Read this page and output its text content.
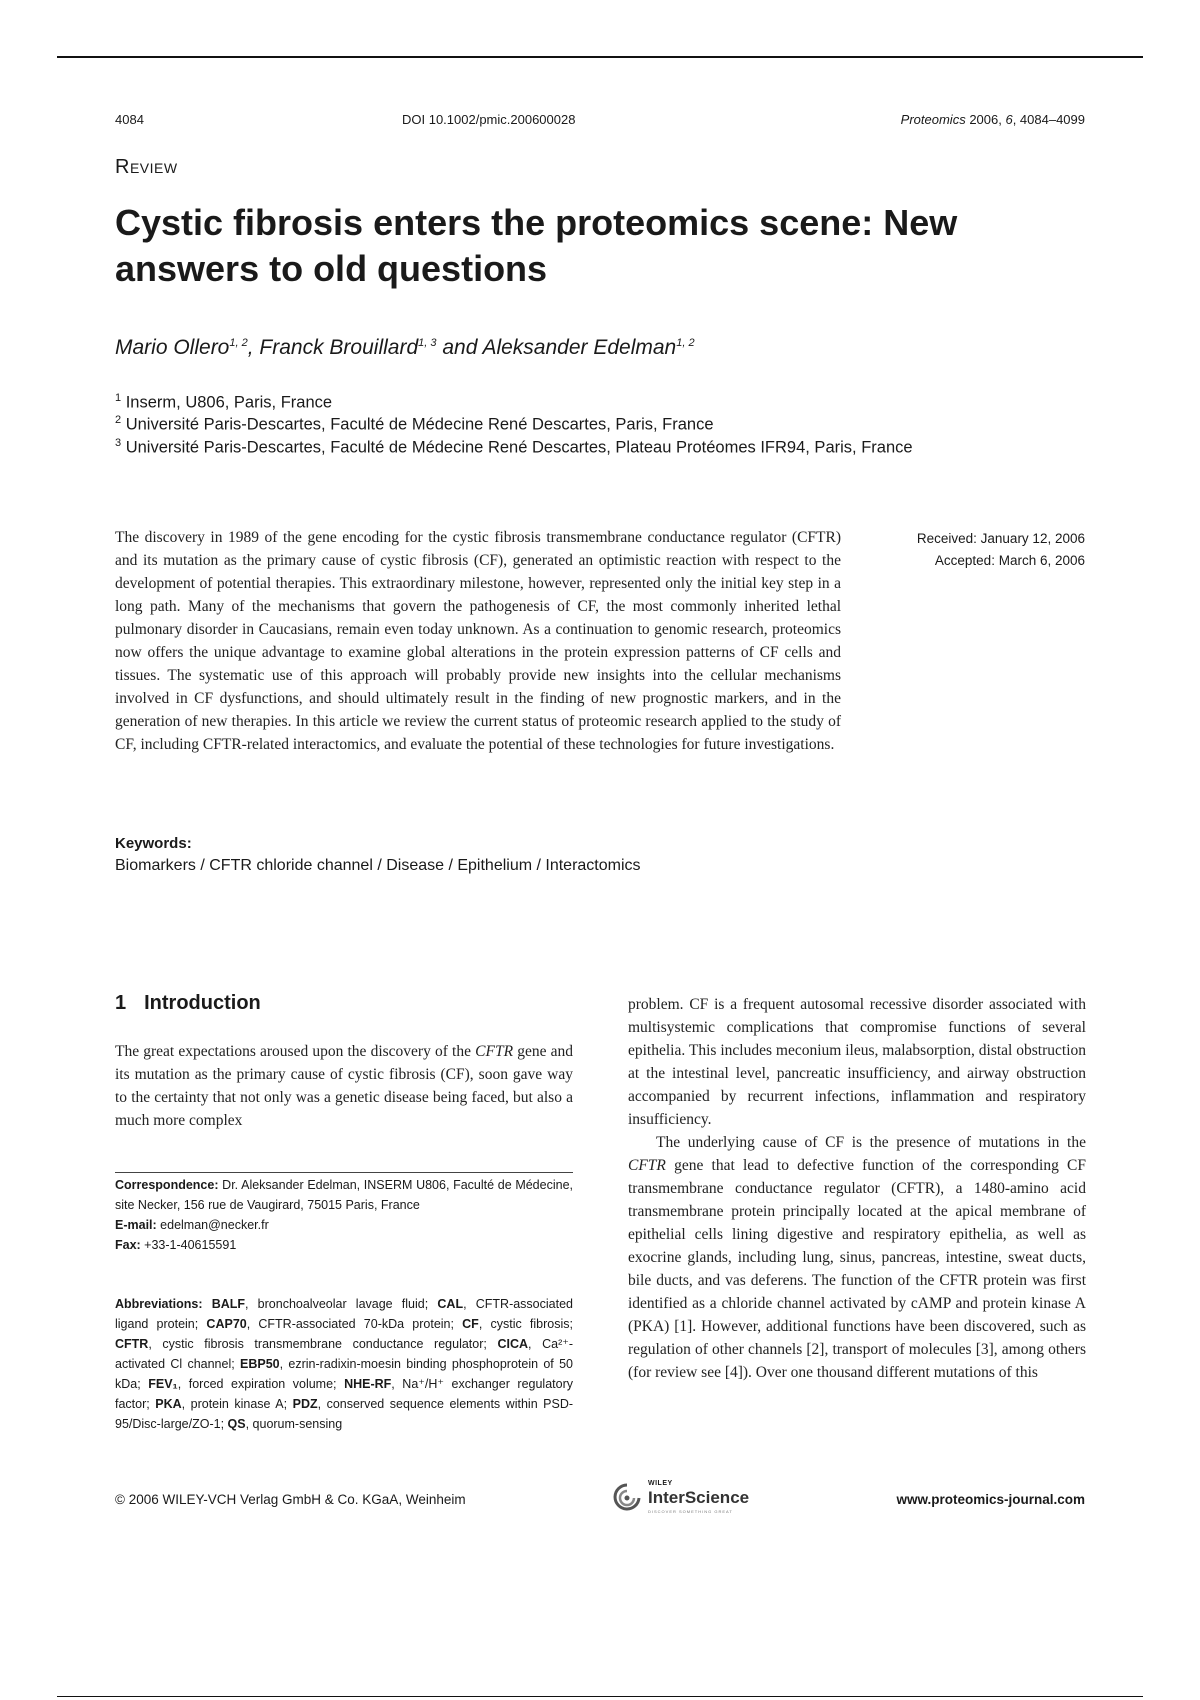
4084	DOI 10.1002/pmic.200600028	Proteomics 2006, 6, 4084–4099
Review
Cystic fibrosis enters the proteomics scene: New answers to old questions
Mario Ollero$^{1, 2}$, Franck Brouillard$^{1, 3}$ and Aleksander Edelman$^{1, 2}$
$^1$ Inserm, U806, Paris, France
$^2$ Université Paris-Descartes, Faculté de Médecine René Descartes, Paris, France
$^3$ Université Paris-Descartes, Faculté de Médecine René Descartes, Plateau Protéomes IFR94, Paris, France
The discovery in 1989 of the gene encoding for the cystic fibrosis transmembrane conductance regulator (CFTR) and its mutation as the primary cause of cystic fibrosis (CF), generated an optimistic reaction with respect to the development of potential therapies. This extraordinary milestone, however, represented only the initial key step in a long path. Many of the mechanisms that govern the pathogenesis of CF, the most commonly inherited lethal pulmonary disorder in Caucasians, remain even today unknown. As a continuation to genomic research, proteomics now offers the unique advantage to examine global alterations in the protein expression patterns of CF cells and tissues. The systematic use of this approach will probably provide new insights into the cellular mechanisms involved in CF dysfunctions, and should ultimately result in the finding of new prognostic markers, and in the generation of new therapies. In this article we review the current status of proteomic research applied to the study of CF, including CFTR-related interactomics, and evaluate the potential of these technologies for future investigations.
Received: January 12, 2006
Accepted: March 6, 2006
Keywords:
Biomarkers / CFTR chloride channel / Disease / Epithelium / Interactomics
1 Introduction
The great expectations aroused upon the discovery of the CFTR gene and its mutation as the primary cause of cystic fibrosis (CF), soon gave way to the certainty that not only was a genetic disease being faced, but also a much more complex
Correspondence: Dr. Aleksander Edelman, INSERM U806, Faculté de Médecine, site Necker, 156 rue de Vaugirard, 75015 Paris, France
E-mail: edelman@necker.fr
Fax: +33-1-40615591
Abbreviations: BALF, bronchoalveolar lavage fluid; CAL, CFTR-associated ligand protein; CAP70, CFTR-associated 70-kDa protein; CF, cystic fibrosis; CFTR, cystic fibrosis transmembrane conductance regulator; CICA, Ca²⁺-activated Cl channel; EBP50, ezrin-radixin-moesin binding phosphoprotein of 50 kDa; FEV₁, forced expiration volume; NHE-RF, Na⁺/H⁺ exchanger regulatory factor; PKA, protein kinase A; PDZ, conserved sequence elements within PSD-95/Disc-large/ZO-1; QS, quorum-sensing
problem. CF is a frequent autosomal recessive disorder associated with multisystemic complications that compromise functions of several epithelia. This includes meconium ileus, malabsorption, distal obstruction at the intestinal level, pancreatic insufficiency, and airway obstruction accompanied by recurrent infections, inflammation and respiratory insufficiency.
The underlying cause of CF is the presence of mutations in the CFTR gene that lead to defective function of the corresponding CF transmembrane conductance regulator (CFTR), a 1480-amino acid transmembrane protein principally located at the apical membrane of epithelial cells lining digestive and respiratory epithelia, as well as exocrine glands, including lung, sinus, pancreas, intestine, sweat ducts, bile ducts, and vas deferens. The function of the CFTR protein was first identified as a chloride channel activated by cAMP and protein kinase A (PKA) [1]. However, additional functions have been discovered, such as regulation of other channels [2], transport of molecules [3], among others (for review see [4]). Over one thousand different mutations of this
© 2006 WILEY-VCH Verlag GmbH & Co. KGaA, Weinheim
WILEY
InterScience
DISCOVER SOMETHING GREAT
www.proteomics-journal.com
